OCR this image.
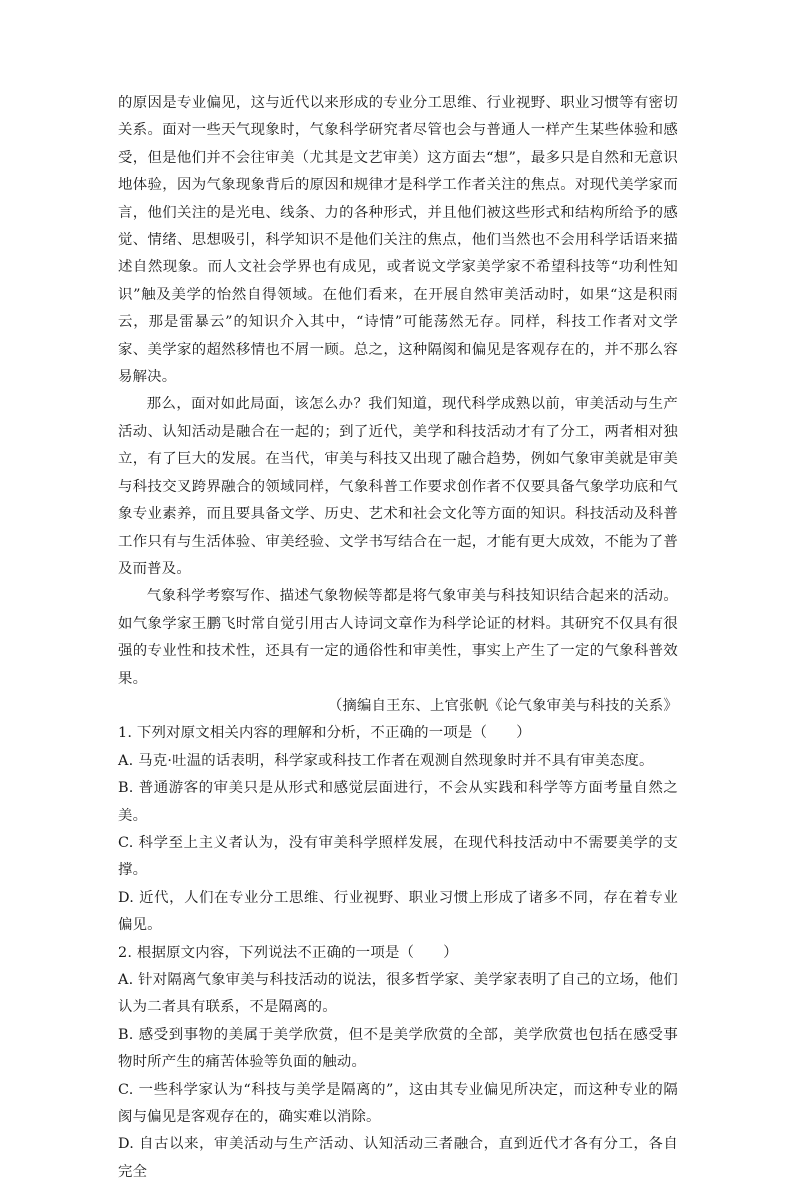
的原因是专业偏见，这与近代以来形成的专业分工思维、行业视野、职业习惯等有密切关系。面对一些天气现象时，气象科学研究者尽管也会与普通人一样产生某些体验和感受，但是他们并不会往审美（尤其是文艺审美）这方面去“想”，最多只是自然和无意识地体验，因为气象现象背后的原因和规律才是科学工作者关注的焦点。对现代美学家而言，他们关注的是光电、线条、力的各种形式，并且他们被这些形式和结构所给予的感觉、情绪、思想吸引，科学知识不是他们关注的焦点，他们当然也不会用科学话语来描述自然现象。而人文社会学界也有成见，或者说文学家美学家不希望科技等“功利性知识”触及美学的怡然自得领域。在他们看来，在开展自然审美活动时，如果“这是积雨云，那是雷暴云”的知识介入其中，“诗情”可能荡然无存。同样，科技工作者对文学家、美学家的超然移情也不屑一顾。总之，这种隔阂和偏见是客观存在的，并不那么容易解决。

那么，面对如此局面，该怎么办？我们知道，现代科学成熟以前，审美活动与生产活动、认知活动是融合在一起的；到了近代，美学和科技活动才有了分工，两者相对独立，有了巨大的发展。在当代，审美与科技又出现了融合趋势，例如气象审美就是审美与科技交叉跨界融合的领域同样，气象科普工作要求创作者不仅要具备气象学功底和气象专业素养，而且要具备文学、历史、艺术和社会文化等方面的知识。科技活动及科普工作只有与生活体验、审美经验、文学书写结合在一起，才能有更大成效，不能为了普及而普及。

气象科学考察写作、描述气象物候等都是将气象审美与科技知识结合起来的活动。如气象学家王鹏飞时常自觉引用古人诗词文章作为科学论证的材料。其研究不仅具有很强的专业性和技术性，还具有一定的通俗性和审美性，事实上产生了一定的气象科普效果。

（摘编自王东、上官张帆《论气象审美与科技的关系》

1. 下列对原文相关内容的理解和分析，不正确的一项是（　　）

A. 马克·吐温的话表明，科学家或科技工作者在观测自然现象时并不具有审美态度。

B. 普通游客的审美只是从形式和感觉层面进行，不会从实践和科学等方面考量自然之美。

C. 科学至上主义者认为，没有审美科学照样发展，在现代科技活动中不需要美学的支撑。

D. 近代，人们在专业分工思维、行业视野、职业习惯上形成了诸多不同，存在着专业偏见。

2. 根据原文内容，下列说法不正确的一项是（　　）

A. 针对隔离气象审美与科技活动的说法，很多哲学家、美学家表明了自己的立场，他们认为二者具有联系，不是隔离的。

B. 感受到事物的美属于美学欣赏，但不是美学欣赏的全部，美学欣赏也包括在感受事物时所产生的痛苦体验等负面的触动。

C. 一些科学家认为“科技与美学是隔离的”，这由其专业偏见所决定，而这种专业的隔阂与偏见是客观存在的，确实难以消除。

D. 自古以来，审美活动与生产活动、认知活动三者融合，直到近代才各有分工，各自完全
